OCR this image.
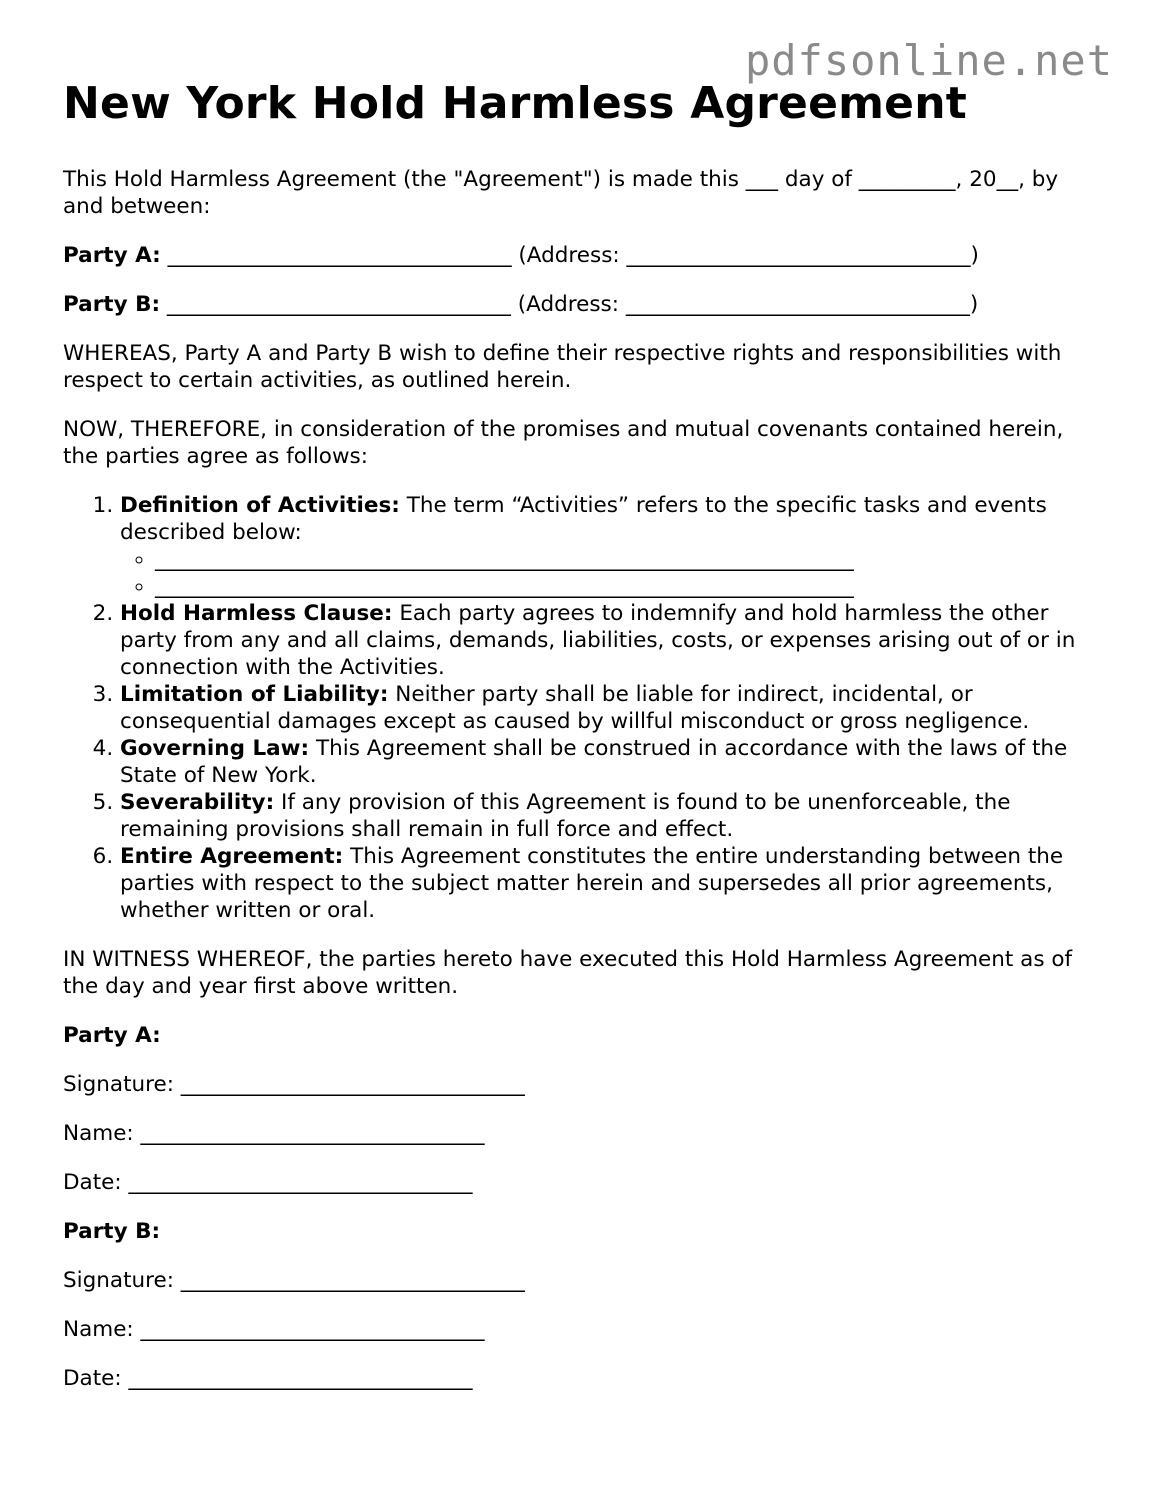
pdfsonline.net
New York Hold Harmless Agreement

This Hold Harmless Agreement (the "Agreement") is made this ___ day of _________, 20__, by and between:

Party A: ________________________________ (Address: ________________________________)

Party B: ________________________________ (Address: ________________________________)

WHEREAS, Party A and Party B wish to define their respective rights and responsibilities with respect to certain activities, as outlined herein.

NOW, THEREFORE, in consideration of the promises and mutual covenants contained herein, the parties agree as follows:

1. Definition of Activities: The term “Activities” refers to the specific tasks and events described below:
◦ _________________________________________________________________
◦ _________________________________________________________________
2. Hold Harmless Clause: Each party agrees to indemnify and hold harmless the other party from any and all claims, demands, liabilities, costs, or expenses arising out of or in connection with the Activities.
3. Limitation of Liability: Neither party shall be liable for indirect, incidental, or consequential damages except as caused by willful misconduct or gross negligence.
4. Governing Law: This Agreement shall be construed in accordance with the laws of the State of New York.
5. Severability: If any provision of this Agreement is found to be unenforceable, the remaining provisions shall remain in full force and effect.
6. Entire Agreement: This Agreement constitutes the entire understanding between the parties with respect to the subject matter herein and supersedes all prior agreements, whether written or oral.

IN WITNESS WHEREOF, the parties hereto have executed this Hold Harmless Agreement as of the day and year first above written.

Party A:
Signature: ________________________________
Name: ________________________________
Date: ________________________________
Party B:
Signature: ________________________________
Name: ________________________________
Date: ________________________________
